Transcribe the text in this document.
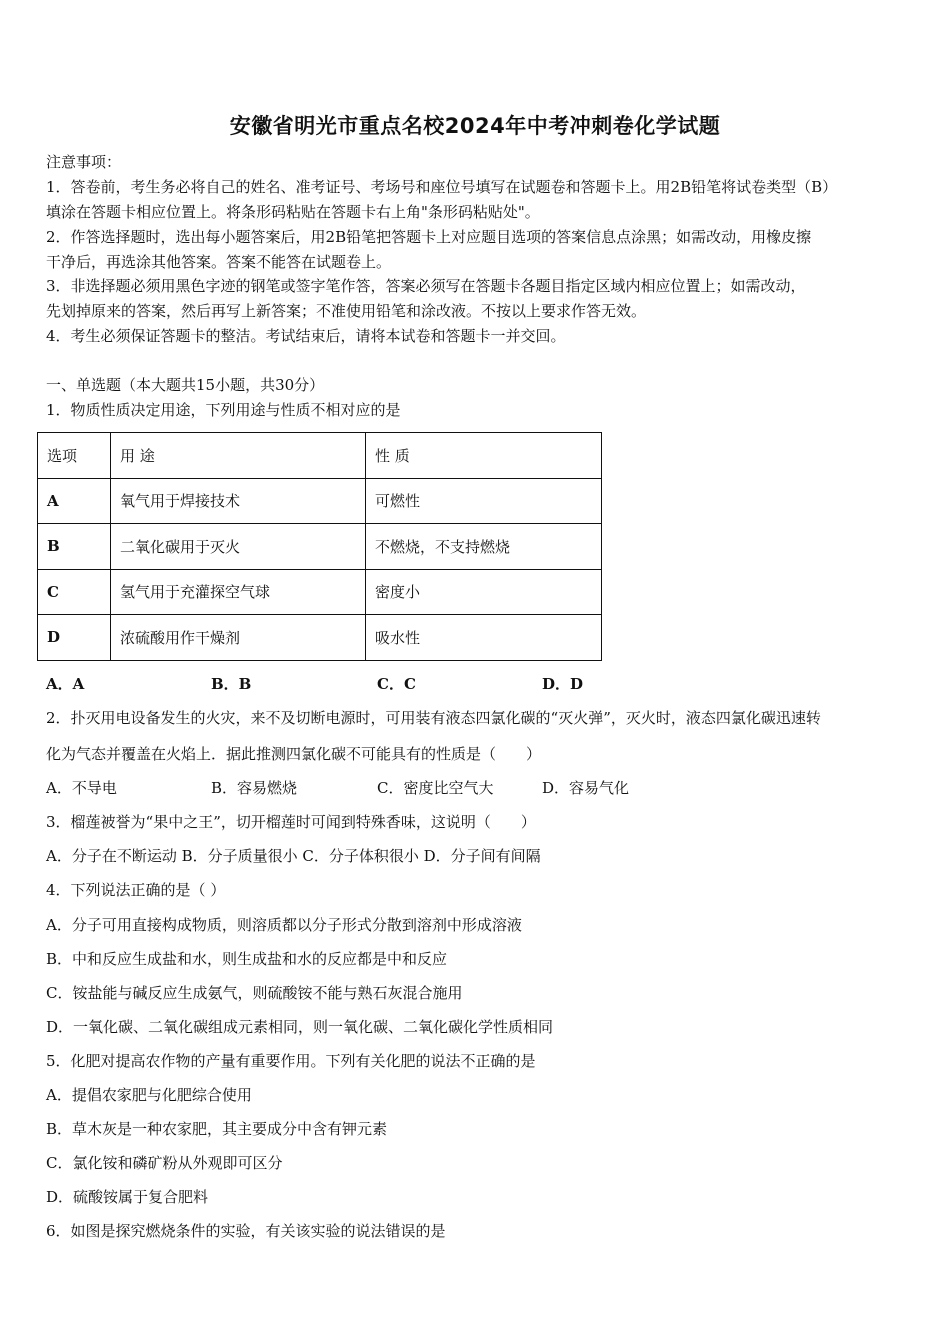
安徽省明光市重点名校2024年中考冲刺卷化学试题
注意事项：
1．答卷前，考生务必将自己的姓名、准考证号、考场号和座位号填写在试题卷和答题卡上。用2B铅笔将试卷类型（B）
填涂在答题卡相应位置上。将条形码粘贴在答题卡右上角"条形码粘贴处"。
2．作答选择题时，选出每小题答案后，用2B铅笔把答题卡上对应题目选项的答案信息点涂黑；如需改动，用橡皮擦
干净后，再选涂其他答案。答案不能答在试题卷上。
3．非选择题必须用黑色字迹的钢笔或签字笔作答，答案必须写在答题卡各题目指定区域内相应位置上；如需改动，
先划掉原来的答案，然后再写上新答案；不准使用铅笔和涂改液。不按以上要求作答无效。
4．考生必须保证答题卡的整洁。考试结束后，请将本试卷和答题卡一并交回。
一、单选题（本大题共15小题，共30分）
1．物质性质决定用途，下列用途与性质不相对应的是
选项	用 途	性 质
A	氧气用于焊接技术	可燃性
B	二氧化碳用于灭火	不燃烧，不支持燃烧
C	氢气用于充灌探空气球	密度小
D	浓硫酸用作干燥剂	吸水性
A．A	B．B	C．C	D．D
2．扑灭用电设备发生的火灾，来不及切断电源时，可用装有液态四氯化碳的“灭火弹”，灭火时，液态四氯化碳迅速转
化为气态并覆盖在火焰上．据此推测四氯化碳不可能具有的性质是（　　）
A．不导电	B．容易燃烧	C．密度比空气大	D．容易气化
3．榴莲被誉为“果中之王”，切开榴莲时可闻到特殊香味，这说明（　　）
A．分子在不断运动 B．分子质量很小 C．分子体积很小 D．分子间有间隔
4．下列说法正确的是（ ）
A．分子可用直接构成物质，则溶质都以分子形式分散到溶剂中形成溶液
B．中和反应生成盐和水，则生成盐和水的反应都是中和反应
C．铵盐能与碱反应生成氨气，则硫酸铵不能与熟石灰混合施用
D．一氧化碳、二氧化碳组成元素相同，则一氧化碳、二氧化碳化学性质相同
5．化肥对提高农作物的产量有重要作用。下列有关化肥的说法不正确的是
A．提倡农家肥与化肥综合使用
B．草木灰是一种农家肥，其主要成分中含有钾元素
C．氯化铵和磷矿粉从外观即可区分
D．硫酸铵属于复合肥料
6．如图是探究燃烧条件的实验，有关该实验的说法错误的是
